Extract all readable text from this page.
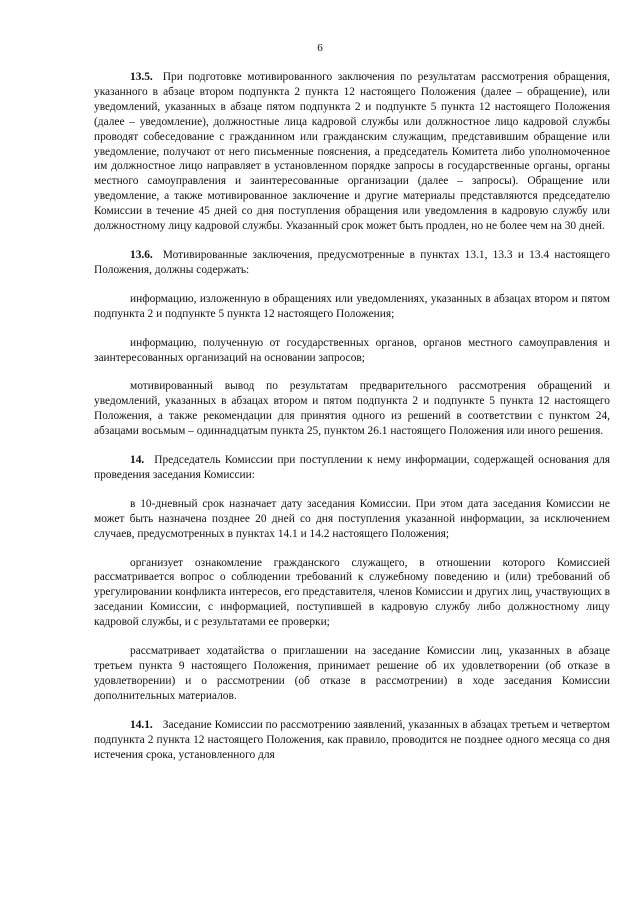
6

13.5. При подготовке мотивированного заключения по результатам рассмотрения обращения, указанного в абзаце втором подпункта 2 пункта 12 настоящего Положения (далее – обращение), или уведомлений, указанных в абзаце пятом подпункта 2 и подпункте 5 пункта 12 настоящего Положения (далее – уведомление), должностные лица кадровой службы или должностное лицо кадровой службы проводят собеседование с гражданином или гражданским служащим, представившим обращение или уведомление, получают от него письменные пояснения, а председатель Комитета либо уполномоченное им должностное лицо направляет в установленном порядке запросы в государственные органы, органы местного самоуправления и заинтересованные организации (далее – запросы). Обращение или уведомление, а также мотивированное заключение и другие материалы представляются председателю Комиссии в течение 45 дней со дня поступления обращения или уведомления в кадровую службу или должностному лицу кадровой службы. Указанный срок может быть продлен, но не более чем на 30 дней.

13.6. Мотивированные заключения, предусмотренные в пунктах 13.1, 13.3 и 13.4 настоящего Положения, должны содержать:

информацию, изложенную в обращениях или уведомлениях, указанных в абзацах втором и пятом подпункта 2 и подпункте 5 пункта 12 настоящего Положения;

информацию, полученную от государственных органов, органов местного самоуправления и заинтересованных организаций на основании запросов;

мотивированный вывод по результатам предварительного рассмотрения обращений и уведомлений, указанных в абзацах втором и пятом подпункта 2 и подпункте 5 пункта 12 настоящего Положения, а также рекомендации для принятия одного из решений в соответствии с пунктом 24, абзацами восьмым – одиннадцатым пункта 25, пунктом 26.1 настоящего Положения или иного решения.

14. Председатель Комиссии при поступлении к нему информации, содержащей основания для проведения заседания Комиссии:

в 10-дневный срок назначает дату заседания Комиссии. При этом дата заседания Комиссии не может быть назначена позднее 20 дней со дня поступления указанной информации, за исключением случаев, предусмотренных в пунктах 14.1 и 14.2 настоящего Положения;

организует ознакомление гражданского служащего, в отношении которого Комиссией рассматривается вопрос о соблюдении требований к служебному поведению и (или) требований об урегулировании конфликта интересов, его представителя, членов Комиссии и других лиц, участвующих в заседании Комиссии, с информацией, поступившей в кадровую службу либо должностному лицу кадровой службы, и с результатами ее проверки;

рассматривает ходатайства о приглашении на заседание Комиссии лиц, указанных в абзаце третьем пункта 9 настоящего Положения, принимает решение об их удовлетворении (об отказе в удовлетворении) и о рассмотрении (об отказе в рассмотрении) в ходе заседания Комиссии дополнительных материалов.

14.1. Заседание Комиссии по рассмотрению заявлений, указанных в абзацах третьем и четвертом подпункта 2 пункта 12 настоящего Положения, как правило, проводится не позднее одного месяца со дня истечения срока, установленного для
